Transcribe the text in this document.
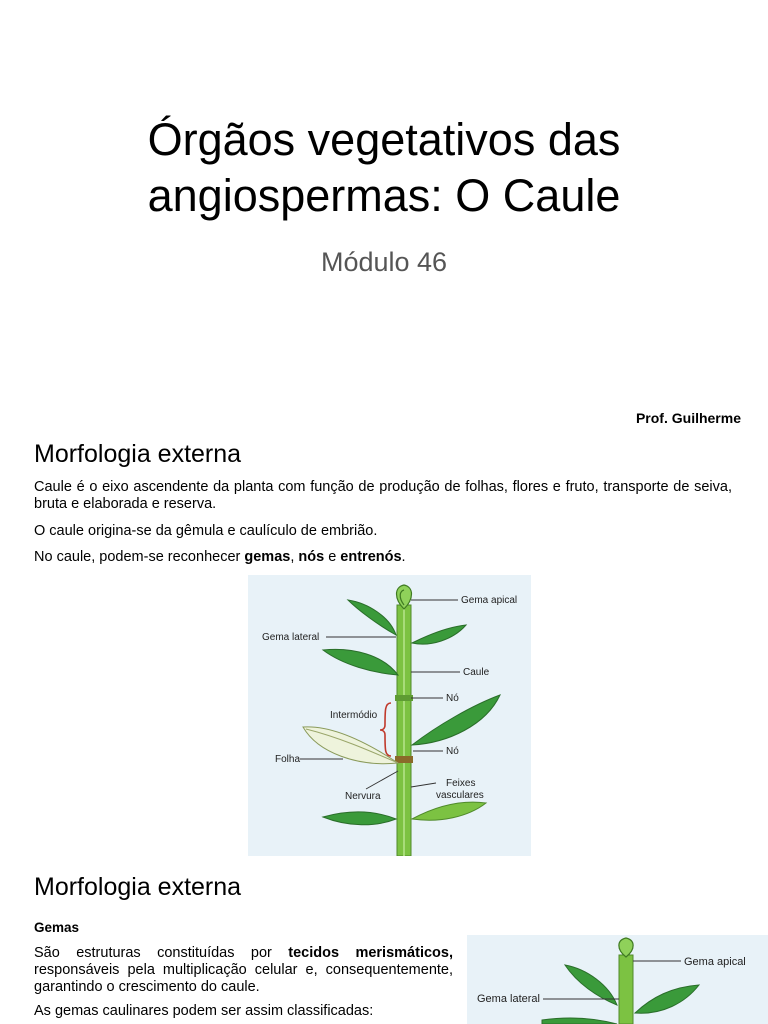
Órgãos vegetativos das
angiospermas: O Caule
Módulo 46
Prof. Guilherme
Morfologia externa
Caule é o eixo ascendente da planta com função de produção de folhas, flores e fruto, transporte de seiva, bruta e elaborada e reserva.
O caule origina-se da gêmula e caulículo de embrião.
No caule, podem-se reconhecer gemas, nós e entrenós.
Gema apical
Gema lateral
Caule
Nó
Intermódio
Nó
Folha
Feixes
vasculares
Nervura
Morfologia externa
Gemas
São estruturas constituídas por tecidos merismáticos, responsáveis pela multiplicação celular e, consequentemente, garantindo o crescimento do caule.
As gemas caulinares podem ser assim classificadas:
Gema apical
Gema lateral
